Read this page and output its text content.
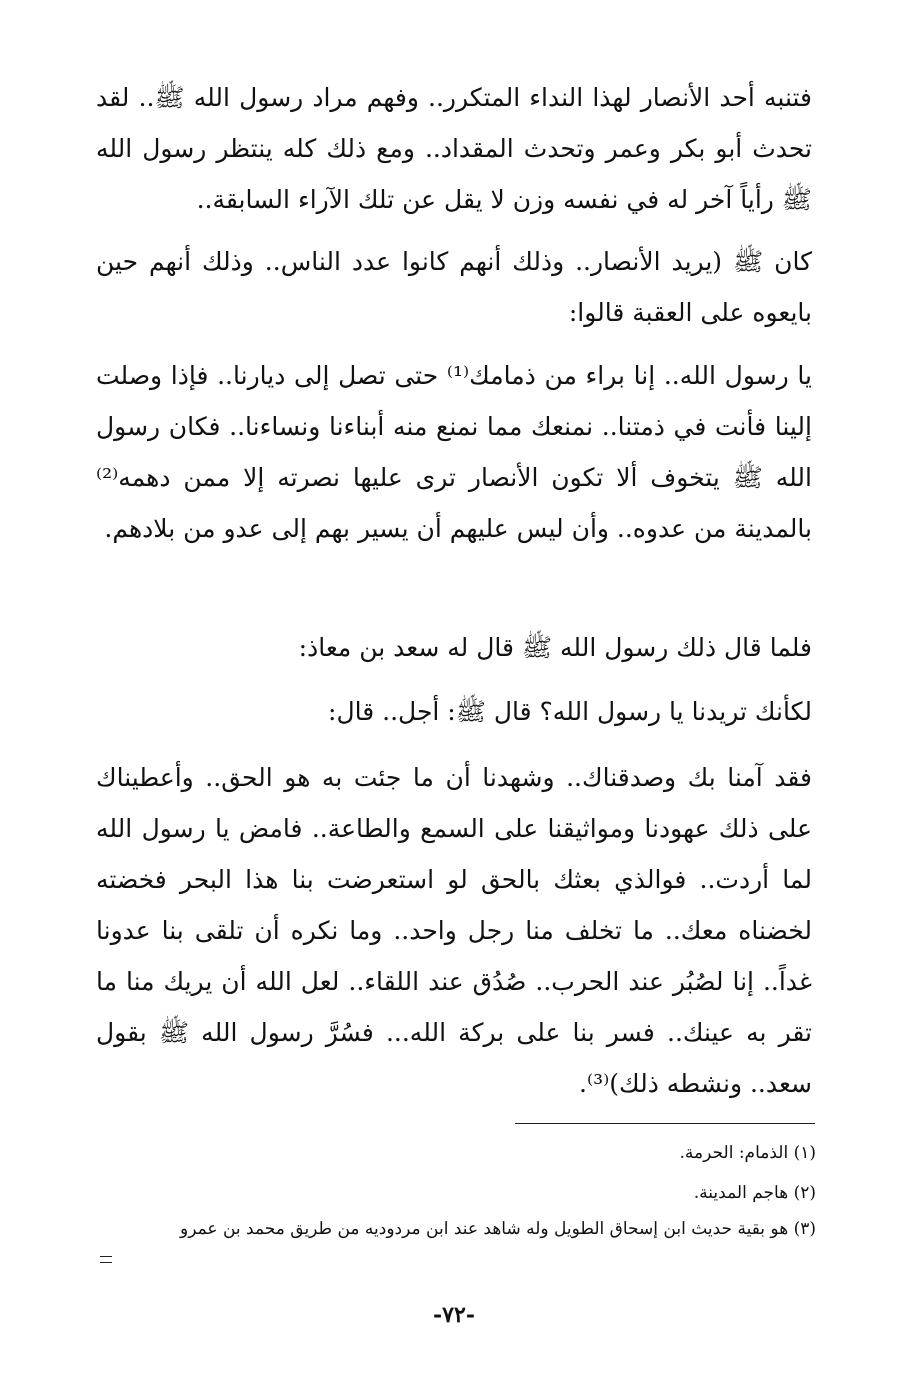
فتنبه أحد الأنصار لهذا النداء المتكرر.. وفهم مراد رسول الله ﷺ.. لقد تحدث أبو بكر وعمر وتحدث المقداد.. ومع ذلك كله ينتظر رسول الله ﷺ رأياً آخر له في نفسه وزن لا يقل عن تلك الآراء السابقة..

كان ﷺ (يريد الأنصار.. وذلك أنهم كانوا عدد الناس.. وذلك أنهم حين بايعوه على العقبة قالوا:

يا رسول الله.. إنا براء من ذمامك⁽¹⁾ حتى تصل إلى ديارنا.. فإذا وصلت إلينا فأنت في ذمتنا.. نمنعك مما نمنع منه أبناءنا ونساءنا.. فكان رسول الله ﷺ يتخوف ألا تكون الأنصار ترى عليها نصرته إلا ممن دهمه⁽²⁾ بالمدينة من عدوه.. وأن ليس عليهم أن يسير بهم إلى عدو من بلادهم.

فلما قال ذلك رسول الله ﷺ قال له سعد بن معاذ:

لكأنك تريدنا يا رسول الله؟ قال ﷺ: أجل.. قال:

فقد آمنا بك وصدقناك.. وشهدنا أن ما جئت به هو الحق.. وأعطيناك على ذلك عهودنا ومواثيقنا على السمع والطاعة.. فامض يا رسول الله لما أردت.. فوالذي بعثك بالحق لو استعرضت بنا هذا البحر فخضته لخضناه معك.. ما تخلف منا رجل واحد.. وما نكره أن تلقى بنا عدونا غداً.. إنا لصُبُر عند الحرب.. صُدُق عند اللقاء.. لعل الله أن يريك منا ما تقر به عينك.. فسر بنا على بركة الله... فسُرَّ رسول الله ﷺ بقول سعد.. ونشطه ذلك)⁽³⁾.

(١) الذمام: الحرمة.

(٢) هاجم المدينة.

(٣) هو بقية حديث ابن إسحاق الطويل وله شاهد عند ابن مردوديه من طريق محمد بن عمرو

-٧٢-
